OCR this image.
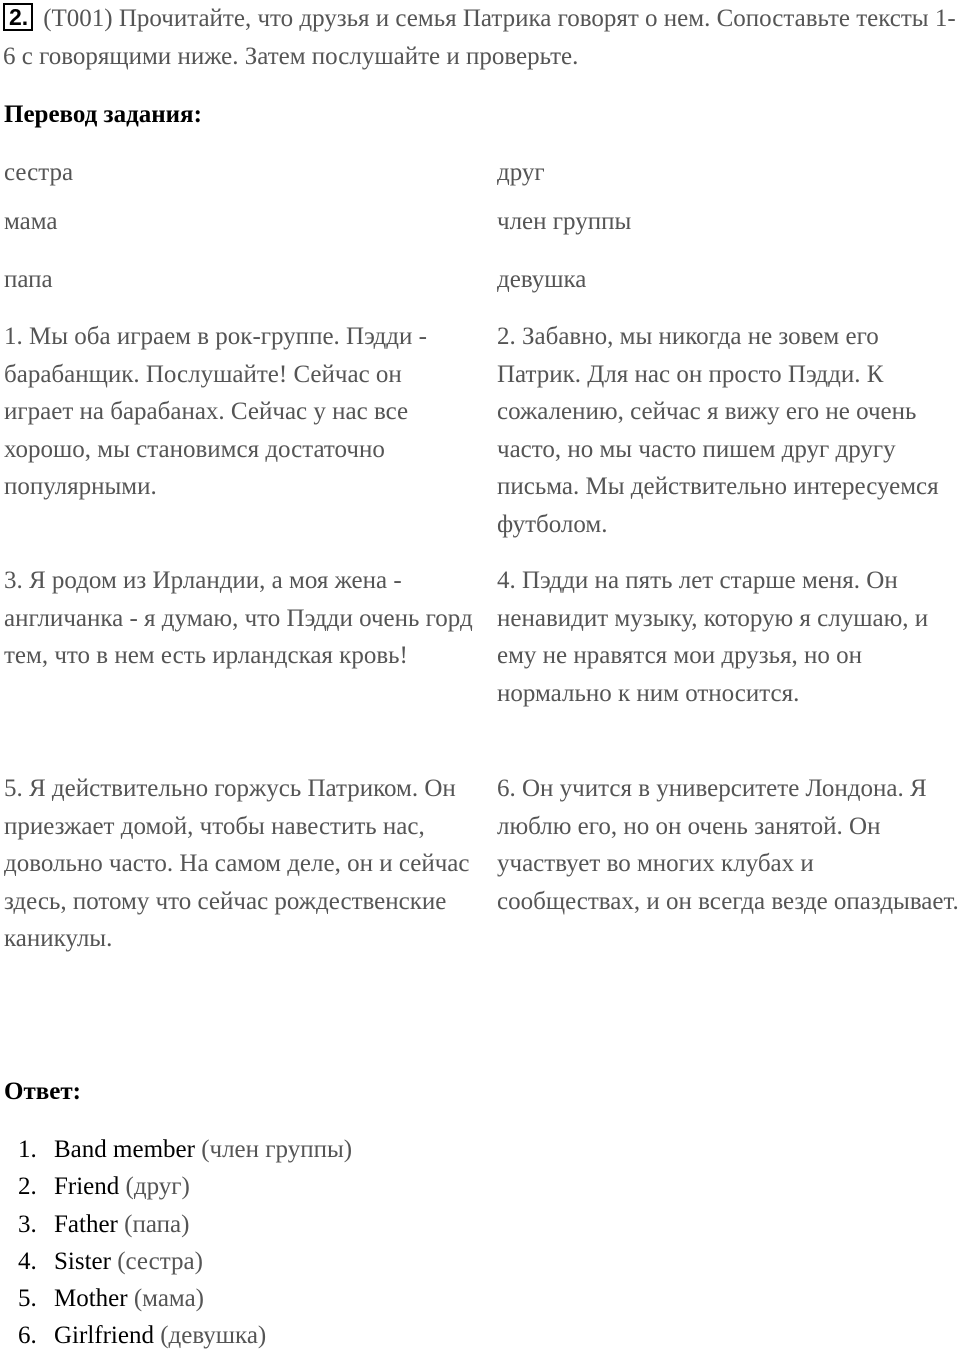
2. (T001) Прочитайте, что друзья и семья Патрика говорят о нем. Сопоставьте тексты 1-6 с говорящими ниже. Затем послушайте и проверьте.
Перевод задания:
сестра	друг
мама	член группы
папа	девушка
1. Мы оба играем в рок-группе. Пэдди - барабанщик. Послушайте! Сейчас он играет на барабанах. Сейчас у нас все хорошо, мы становимся достаточно популярными.
2. Забавно, мы никогда не зовем его Патрик. Для нас он просто Пэдди. К сожалению, сейчас я вижу его не очень часто, но мы часто пишем друг другу письма. Мы действительно интересуемся футболом.
3. Я родом из Ирландии, а моя жена - англичанка - я думаю, что Пэдди очень горд тем, что в нем есть ирландская кровь!
4. Пэдди на пять лет старше меня. Он ненавидит музыку, которую я слушаю, и ему не нравятся мои друзья, но он нормально к ним относится.
5. Я действительно горжусь Патриком. Он приезжает домой, чтобы навестить нас, довольно часто. На самом деле, он и сейчас здесь, потому что сейчас рождественские каникулы.
6. Он учится в университете Лондона. Я люблю его, но он очень занятой. Он участвует во многих клубах и сообществах, и он всегда везде опаздывает.
Ответ:
1. Band member (член группы)
2. Friend (друг)
3. Father (папа)
4. Sister (сестра)
5. Mother (мама)
6. Girlfriend (девушка)
